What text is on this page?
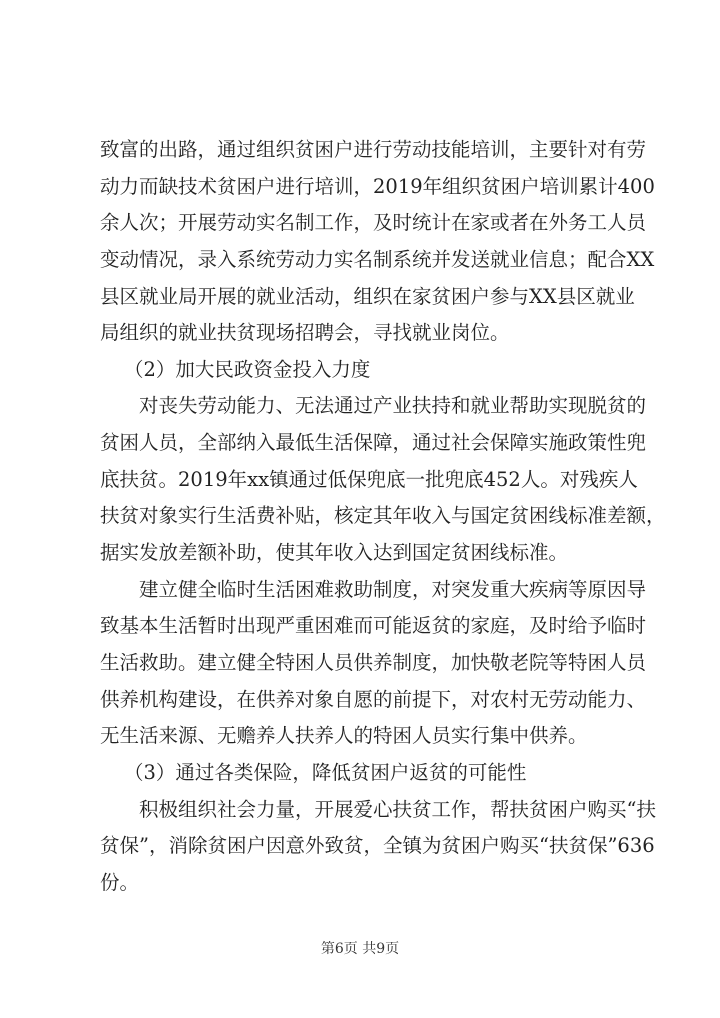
致富的出路，通过组织贫困户进行劳动技能培训，主要针对有劳
动力而缺技术贫困户进行培训，2019年组织贫困户培训累计400
余人次；开展劳动实名制工作，及时统计在家或者在外务工人员
变动情况，录入系统劳动力实名制系统并发送就业信息；配合XX
县区就业局开展的就业活动，组织在家贫困户参与XX县区就业
局组织的就业扶贫现场招聘会，寻找就业岗位。
（2）加大民政资金投入力度
对丧失劳动能力、无法通过产业扶持和就业帮助实现脱贫的
贫困人员，全部纳入最低生活保障，通过社会保障实施政策性兜
底扶贫。2019年xx镇通过低保兜底一批兜底452人。对残疾人
扶贫对象实行生活费补贴，核定其年收入与国定贫困线标准差额，
据实发放差额补助，使其年收入达到国定贫困线标准。
建立健全临时生活困难救助制度，对突发重大疾病等原因导
致基本生活暂时出现严重困难而可能返贫的家庭，及时给予临时
生活救助。建立健全特困人员供养制度，加快敬老院等特困人员
供养机构建设，在供养对象自愿的前提下，对农村无劳动能力、
无生活来源、无赡养人扶养人的特困人员实行集中供养。
（3）通过各类保险，降低贫困户返贫的可能性
积极组织社会力量，开展爱心扶贫工作，帮扶贫困户购买“扶
贫保”，消除贫困户因意外致贫，全镇为贫困户购买“扶贫保”636
份。
第6页 共9页
